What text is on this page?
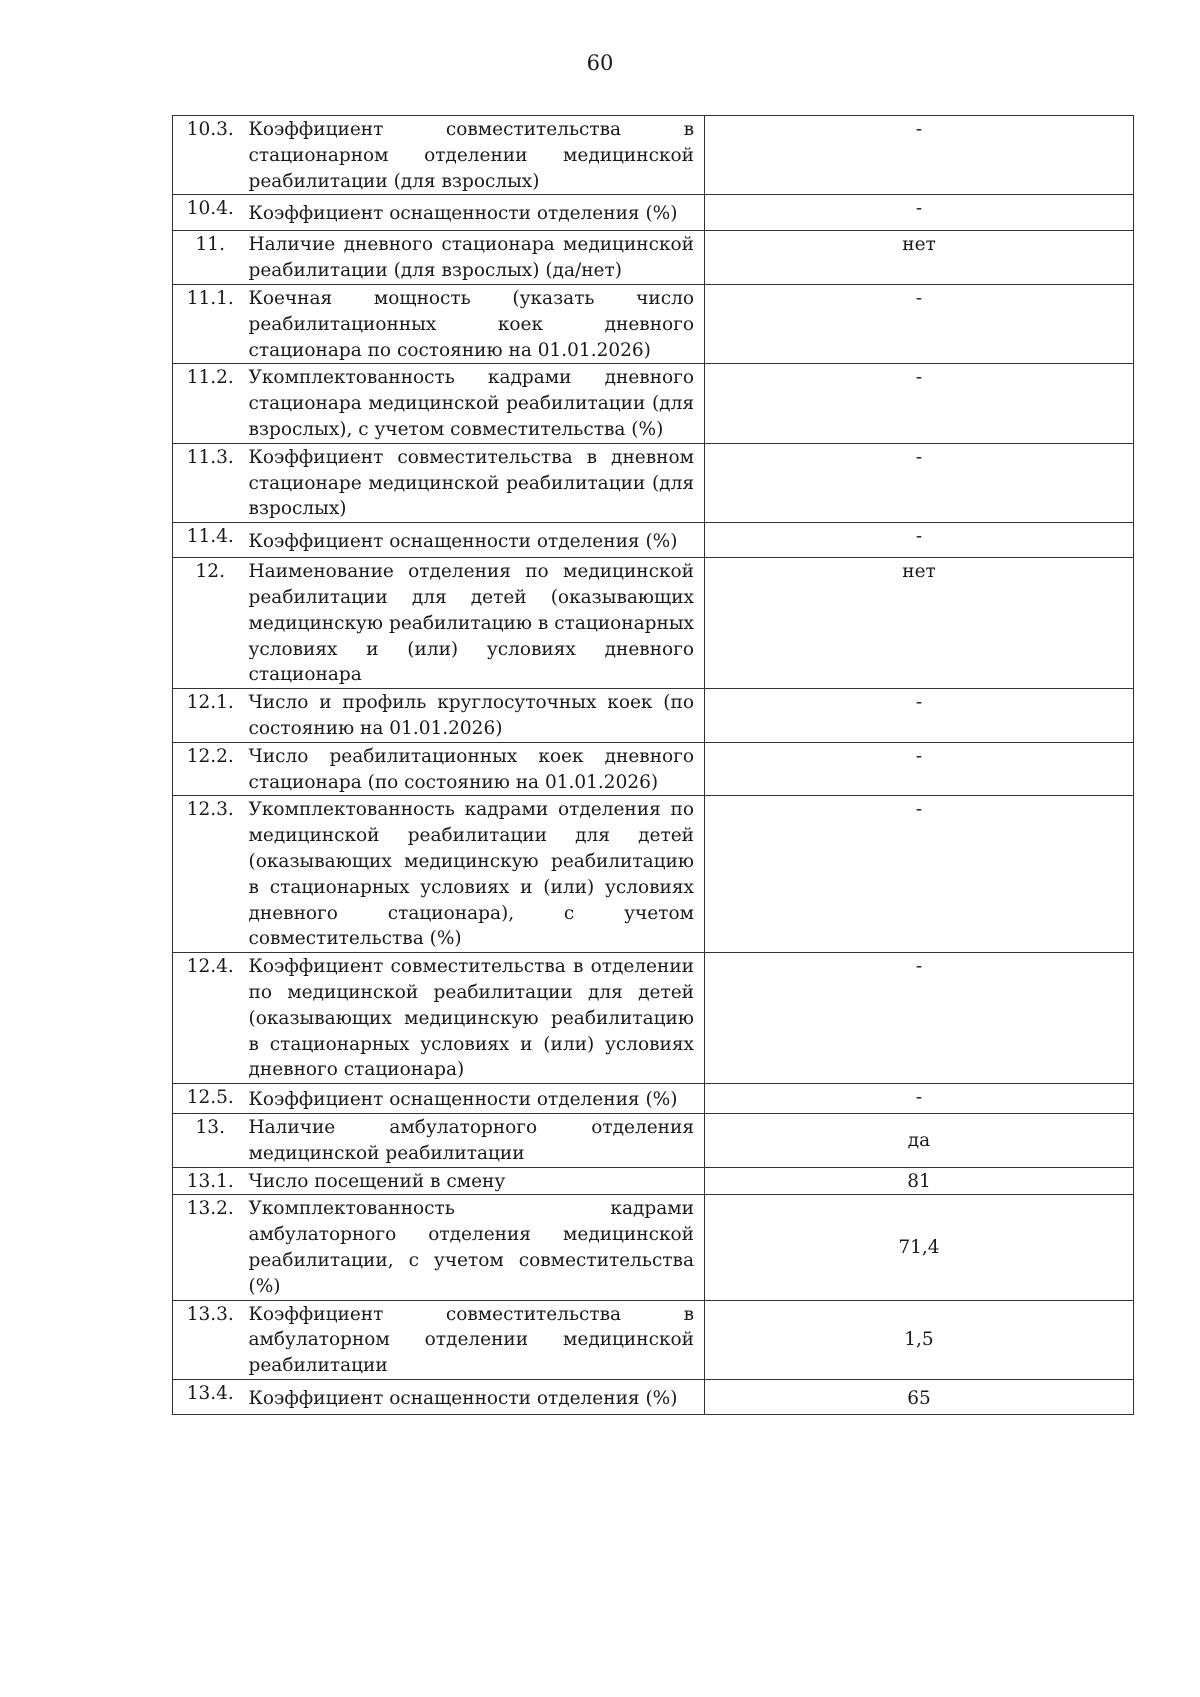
60
10.3.	Коэффициент совместительства в стационарном отделении медицинской реабилитации (для взрослых)	-
10.4.	Коэффициент оснащенности отделения (%)	-
11.	Наличие дневного стационара медицинской реабилитации (для взрослых) (да/нет)	нет
11.1.	Коечная мощность (указать число реабилитационных коек дневного стационара по состоянию на 01.01.2026)	-
11.2.	Укомплектованность кадрами дневного стационара медицинской реабилитации (для взрослых), с учетом совместительства (%)	-
11.3.	Коэффициент совместительства в дневном стационаре медицинской реабилитации (для взрослых)	-
11.4.	Коэффициент оснащенности отделения (%)	-
12.	Наименование отделения по медицинской реабилитации для детей (оказывающих медицинскую реабилитацию в стационарных условиях и (или) условиях дневного стационара	нет
12.1.	Число и профиль круглосуточных коек (по состоянию на 01.01.2026)	-
12.2.	Число реабилитационных коек дневного стационара (по состоянию на 01.01.2026)	-
12.3.	Укомплектованность кадрами отделения по медицинской реабилитации для детей (оказывающих медицинскую реабилитацию в стационарных условиях и (или) условиях дневного стационара), с учетом совместительства (%)	-
12.4.	Коэффициент совместительства в отделении по медицинской реабилитации для детей (оказывающих медицинскую реабилитацию в стационарных условиях и (или) условиях дневного стационара)	-
12.5.	Коэффициент оснащенности отделения (%)	-
13.	Наличие амбулаторного отделения медицинской реабилитации	да
13.1.	Число посещений в смену	81
13.2.	Укомплектованность кадрами амбулаторного отделения медицинской реабилитации, с учетом совместительства (%)	71,4
13.3.	Коэффициент совместительства в амбулаторном отделении медицинской реабилитации	1,5
13.4.	Коэффициент оснащенности отделения (%)	65
